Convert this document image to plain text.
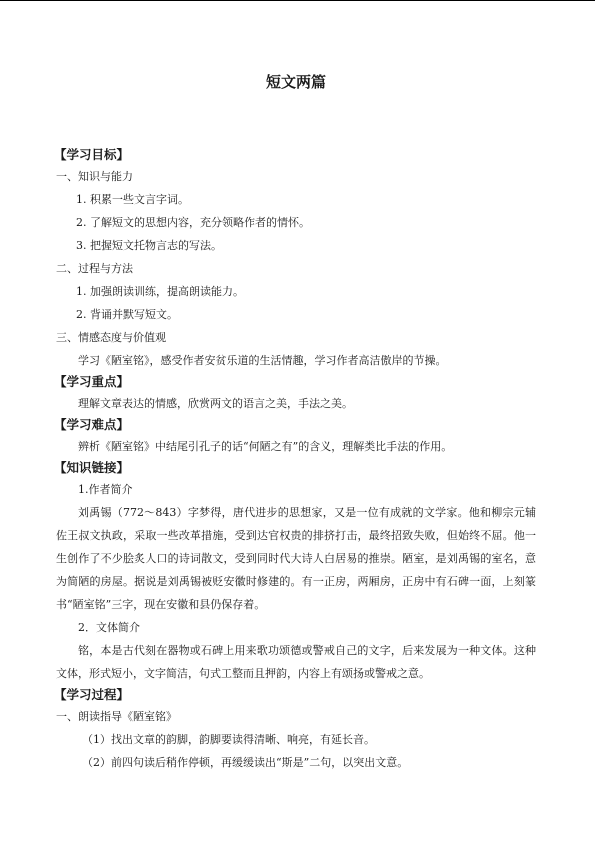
短文两篇
【学习目标】
一、知识与能力
1. 积累一些文言字词。
2. 了解短文的思想内容，充分领略作者的情怀。
3. 把握短文托物言志的写法。
二、过程与方法
1. 加强朗读训练，提高朗读能力。
2. 背诵并默写短文。
三、情感态度与价值观
学习《陋室铭》，感受作者安贫乐道的生活情趣，学习作者高洁傲岸的节操。
【学习重点】
理解文章表达的情感，欣赏两文的语言之美，手法之美。
【学习难点】
辨析《陋室铭》中结尾引孔子的话“何陋之有”的含义，理解类比手法的作用。
【知识链接】
1.作者简介

刘禹锡（772～843）字梦得，唐代进步的思想家，又是一位有成就的文学家。他和柳宗元辅佐王叔文执政，采取一些改革措施，受到达官权贵的排挤打击，最终招致失败，但始终不屈。他一生创作了不少脍炙人口的诗词散文，受到同时代大诗人白居易的推崇。陋室，是刘禹锡的室名，意为简陋的房屋。据说是刘禹锡被贬安徽时修建的。有一正房，两厢房，正房中有石碑一面，上刻篆书“陋室铭”三字，现在安徽和县仍保存着。

2．文体简介

铭，本是古代刻在器物或石碑上用来歌功颂德或警戒自己的文字，后来发展为一种文体。这种文体，形式短小，文字简洁，句式工整而且押韵，内容上有颂扬或警戒之意。

【学习过程】
一、朗读指导《陋室铭》
（1）找出文章的韵脚，韵脚要读得清晰、响亮，有延长音。
（2）前四句读后稍作停顿，再缓缓读出“斯是”二句，以突出文意。
